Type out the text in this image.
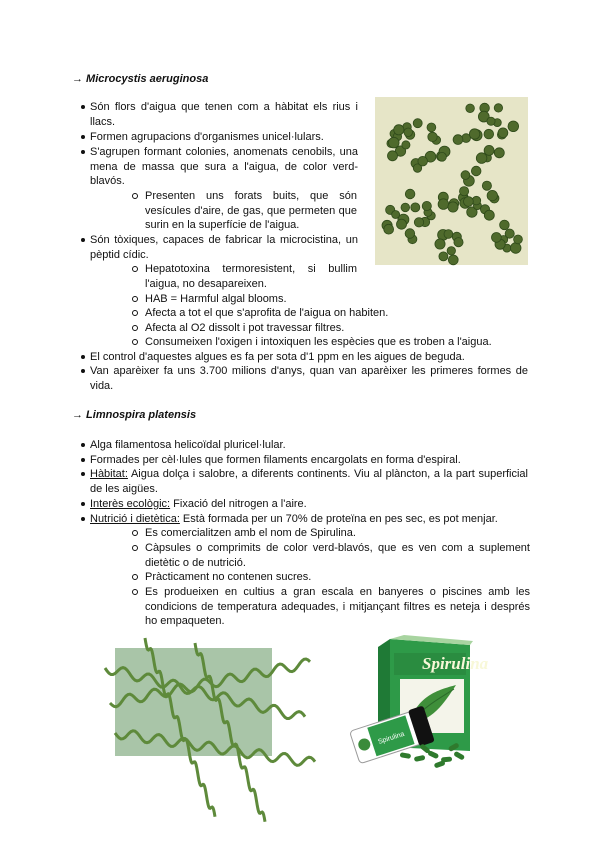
→ Microcystis aeruginosa
Són flors d'aigua que tenen com a hàbitat els rius i llacs.
Formen agrupacions d'organismes unicel·lulars.
S'agrupen formant colonies, anomenats cenobils, una mena de massa que sura a l'aigua, de color verd-blavós.
Presenten uns forats buits, que són vesícules d'aire, de gas, que permeten que surin en la superfície de l'aigua.
Són tòxiques, capaces de fabricar la microcistina, un pèptid cídic.
Hepatotoxina termoresistent, si bullim l'aigua, no desapareixen.
HAB = Harmful algal blooms.
Afecta a tot el que s'aprofita de l'aigua on habiten.
Afecta al O2 dissolt i pot travessar filtres.
Consumeixen l'oxigen i intoxiquen les espècies que es troben a l'aigua.
El control d'aquestes algues es fa per sota d'1 ppm en les aigues de beguda.
Van aparèixer fa uns 3.700 milions d'anys, quan van aparèixer les primeres formes de vida.
→ Limnospira platensis
Alga filamentosa helicoïdal pluricel·lular.
Formades per cèl·lules que formen filaments encargolats en forma d'espiral.
Hàbitat: Aigua dolça i salobre, a diferents continents. Viu al plàncton, a la part superficial de les aigües.
Interès ecològic: Fixació del nitrogen a l'aire.
Nutrició i dietètica: Està formada per un 70% de proteïna en pes sec, es pot menjar.
Es comercialitzen amb el nom de Spirulina.
Càpsules o comprimits de color verd-blavós, que es ven com a suplement dietètic o de nutrició.
Pràcticament no contenen sucres.
Es produeixen en cultius a gran escala en banyeres o piscines amb les condicions de temperatura adequades, i mitjançant filtres es neteja i després ho empaqueten.
Spirulina
Spirulina
